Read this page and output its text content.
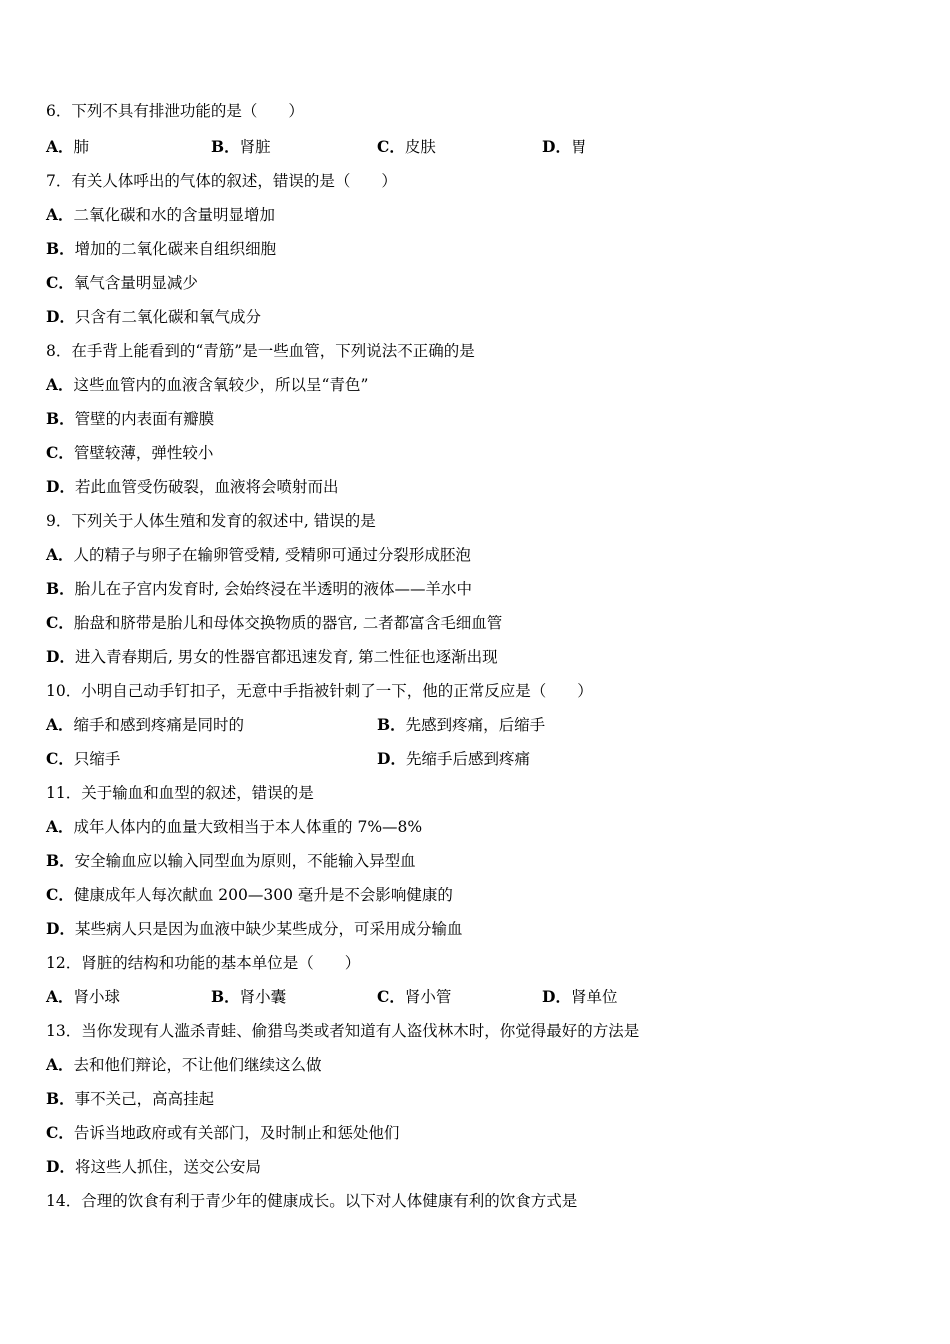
6．下列不具有排泄功能的是（　　）
A．肺	B．肾脏	C．皮肤	D．胃
7．有关人体呼出的气体的叙述，错误的是（　　）
A．二氧化碳和水的含量明显增加
B．增加的二氧化碳来自组织细胞
C．氧气含量明显减少
D．只含有二氧化碳和氧气成分
8．在手背上能看到的“青筋”是一些血管，下列说法不正确的是
A．这些血管内的血液含氧较少，所以呈“青色”
B．管壁的内表面有瓣膜
C．管壁较薄，弹性较小
D．若此血管受伤破裂，血液将会喷射而出
9．下列关于人体生殖和发育的叙述中, 错误的是
A．人的精子与卵子在输卵管受精, 受精卵可通过分裂形成胚泡
B．胎儿在子宫内发育时, 会始终浸在半透明的液体——羊水中
C．胎盘和脐带是胎儿和母体交换物质的器官, 二者都富含毛细血管
D．进入青春期后, 男女的性器官都迅速发育, 第二性征也逐渐出现
10．小明自己动手钉扣子，无意中手指被针刺了一下，他的正常反应是（　　）
A．缩手和感到疼痛是同时的	B．先感到疼痛，后缩手
C．只缩手	D．先缩手后感到疼痛
11．关于输血和血型的叙述，错误的是
A．成年人体内的血量大致相当于本人体重的 7%—8%
B．安全输血应以输入同型血为原则，不能输入异型血
C．健康成年人每次献血 200—300 毫升是不会影响健康的
D．某些病人只是因为血液中缺少某些成分，可采用成分输血
12．肾脏的结构和功能的基本单位是（　　）
A．肾小球	B．肾小囊	C．肾小管	D．肾单位
13．当你发现有人滥杀青蛙、偷猎鸟类或者知道有人盗伐林木时，你觉得最好的方法是
A．去和他们辩论，不让他们继续这么做
B．事不关己，高高挂起
C．告诉当地政府或有关部门，及时制止和惩处他们
D．将这些人抓住，送交公安局
14．合理的饮食有利于青少年的健康成长。以下对人体健康有利的饮食方式是
